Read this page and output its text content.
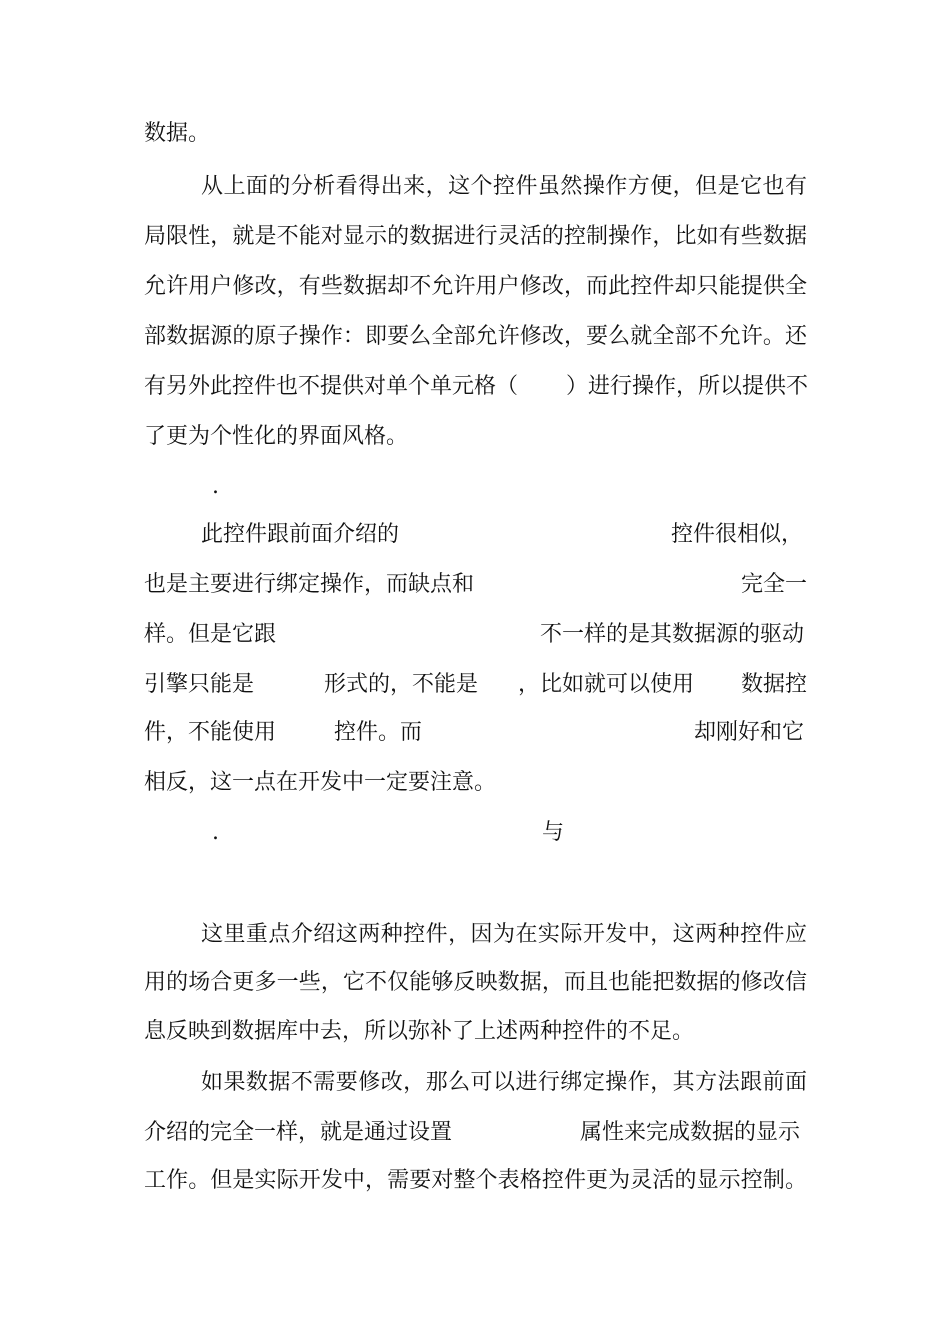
数据。
从上面的分析看得出来，这个控件虽然操作方便，但是它也有
局限性，就是不能对显示的数据进行灵活的控制操作，比如有些数据
允许用户修改，有些数据却不允许用户修改，而此控件却只能提供全
部数据源的原子操作：即要么全部允许修改，要么就全部不允许。还
有另外此控件也不提供对单个单元格（ ）进行操作，所以提供不
了更为个性化的界面风格。
.
此控件跟前面介绍的	控件很相似，
也是主要进行绑定操作，而缺点和	完全一
样。但是它跟	不一样的是其数据源的驱动
引擎只能是	形式的，不能是 ，比如就可以使用 数据控
件，不能使用	控件。而	却刚好和它
相反，这一点在开发中一定要注意。
.	与
这里重点介绍这两种控件，因为在实际开发中，这两种控件应
用的场合更多一些，它不仅能够反映数据，而且也能把数据的修改信
息反映到数据库中去，所以弥补了上述两种控件的不足。
如果数据不需要修改，那么可以进行绑定操作，其方法跟前面
介绍的完全一样，就是通过设置	属性来完成数据的显示
工作。但是实际开发中，需要对整个表格控件更为灵活的显示控制。
